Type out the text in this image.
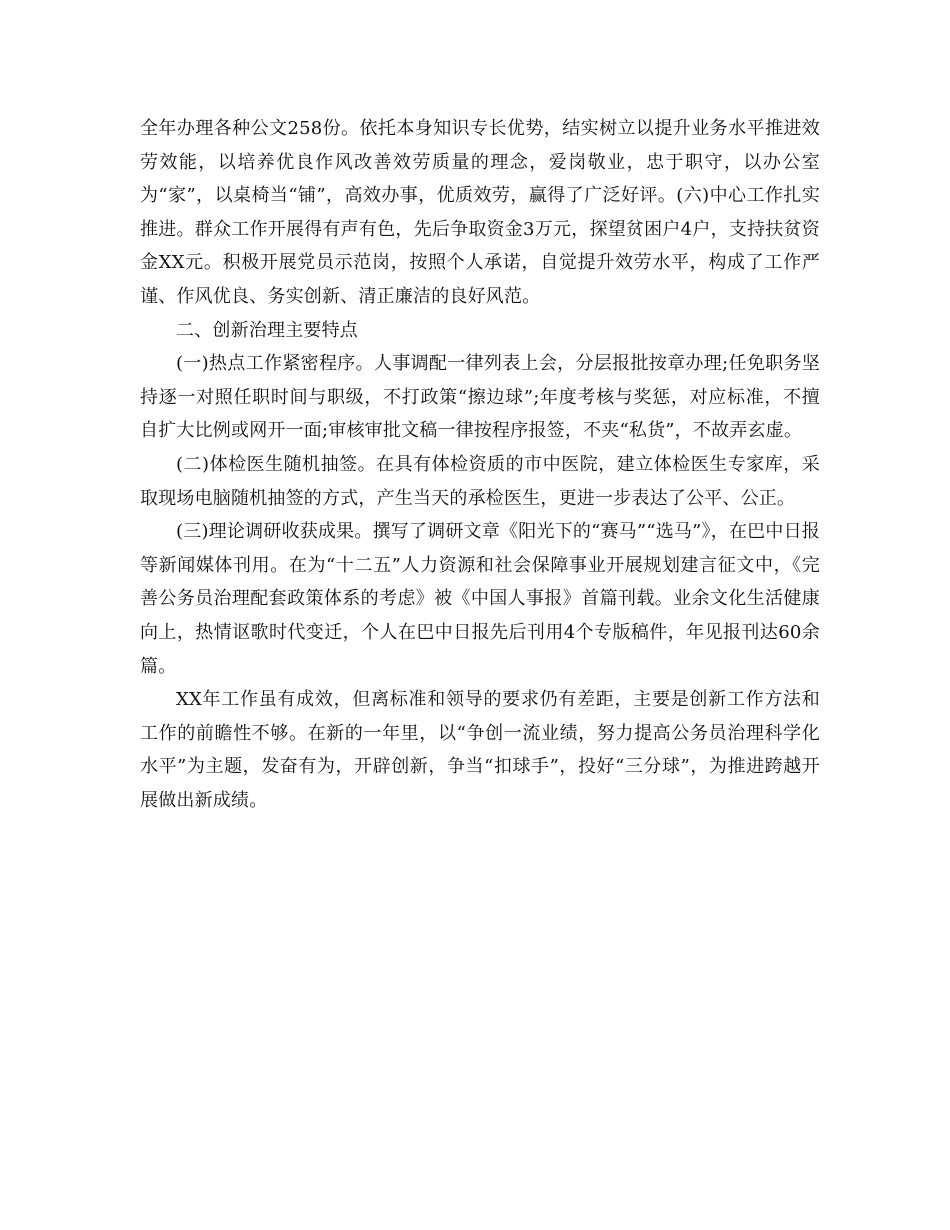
全年办理各种公文258份。依托本身知识专长优势，结实树立以提升业务水平推进效劳效能，以培养优良作风改善效劳质量的理念，爱岗敬业，忠于职守，以办公室为“家”，以桌椅当“铺”，高效办事，优质效劳，赢得了广泛好评。(六)中心工作扎实推进。群众工作开展得有声有色，先后争取资金3万元，探望贫困户4户，支持扶贫资金XX元。积极开展党员示范岗，按照个人承诺，自觉提升效劳水平，构成了工作严谨、作风优良、务实创新、清正廉洁的良好风范。

二、创新治理主要特点

(一)热点工作紧密程序。人事调配一律列表上会，分层报批按章办理;任免职务坚持逐一对照任职时间与职级，不打政策“擦边球”;年度考核与奖惩，对应标准，不擅自扩大比例或网开一面;审核审批文稿一律按程序报签，不夹“私货”，不故弄玄虚。

(二)体检医生随机抽签。在具有体检资质的市中医院，建立体检医生专家库，采取现场电脑随机抽签的方式，产生当天的承检医生，更进一步表达了公平、公正。

(三)理论调研收获成果。撰写了调研文章《阳光下的“赛马”“选马”》，在巴中日报等新闻媒体刊用。在为“十二五”人力资源和社会保障事业开展规划建言征文中，《完善公务员治理配套政策体系的考虑》被《中国人事报》首篇刊载。业余文化生活健康向上，热情讴歌时代变迁，个人在巴中日报先后刊用4个专版稿件，年见报刊达60余篇。

XX年工作虽有成效，但离标准和领导的要求仍有差距，主要是创新工作方法和工作的前瞻性不够。在新的一年里，以“争创一流业绩，努力提高公务员治理科学化水平”为主题，发奋有为，开辟创新，争当“扣球手”，投好“三分球”，为推进跨越开展做出新成绩。
